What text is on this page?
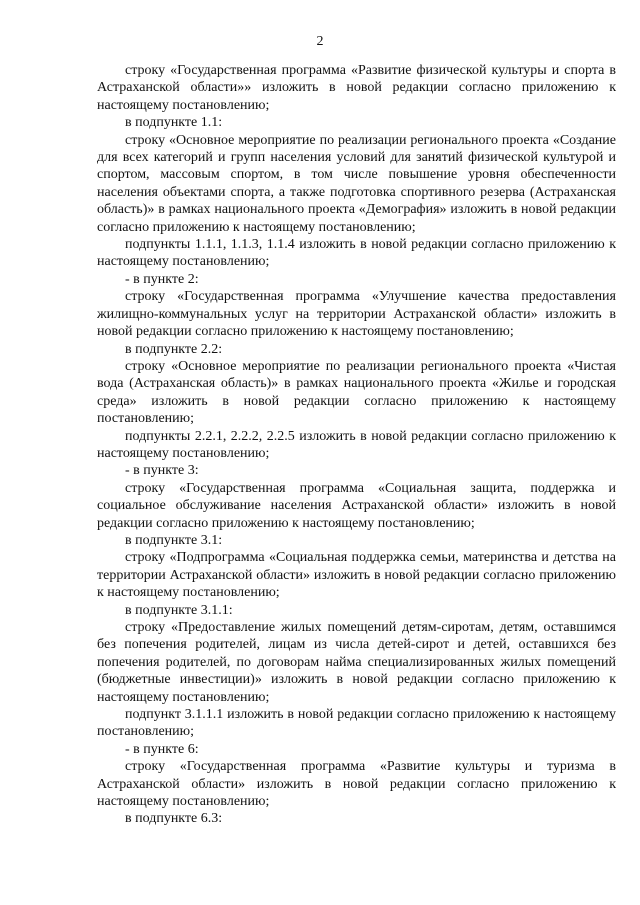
2

строку «Государственная программа «Развитие физической культуры и спорта в Астраханской области»» изложить в новой редакции согласно приложению к настоящему постановлению;

в подпункте 1.1:

строку «Основное мероприятие по реализации регионального проекта «Создание для всех категорий и групп населения условий для занятий физической культурой и спортом, массовым спортом, в том числе повышение уровня обеспеченности населения объектами спорта, а также подготовка спортивного резерва (Астраханская область)» в рамках национального проекта «Демография» изложить в новой редакции согласно приложению к настоящему постановлению;

подпункты 1.1.1, 1.1.3, 1.1.4 изложить в новой редакции согласно приложению к настоящему постановлению;

- в пункте 2:

строку «Государственная программа «Улучшение качества предоставления жилищно-коммунальных услуг на территории Астраханской области» изложить в новой редакции согласно приложению к настоящему постановлению;

в подпункте 2.2:

строку «Основное мероприятие по реализации регионального проекта «Чистая вода (Астраханская область)» в рамках национального проекта «Жилье и городская среда» изложить в новой редакции согласно приложению к настоящему постановлению;

подпункты 2.2.1, 2.2.2, 2.2.5 изложить в новой редакции согласно приложению к настоящему постановлению;

- в пункте 3:

строку «Государственная программа «Социальная защита, поддержка и социальное обслуживание населения Астраханской области» изложить в новой редакции согласно приложению к настоящему постановлению;

в подпункте 3.1:

строку «Подпрограмма «Социальная поддержка семьи, материнства и детства на территории Астраханской области» изложить в новой редакции согласно приложению к настоящему постановлению;

в подпункте 3.1.1:

строку «Предоставление жилых помещений детям-сиротам, детям, оставшимся без попечения родителей, лицам из числа детей-сирот и детей, оставшихся без попечения родителей, по договорам найма специализированных жилых помещений (бюджетные инвестиции)» изложить в новой редакции согласно приложению к настоящему постановлению;

подпункт 3.1.1.1 изложить в новой редакции согласно приложению к настоящему постановлению;

- в пункте 6:

строку «Государственная программа «Развитие культуры и туризма в Астраханской области» изложить в новой редакции согласно приложению к настоящему постановлению;

в подпункте 6.3:
